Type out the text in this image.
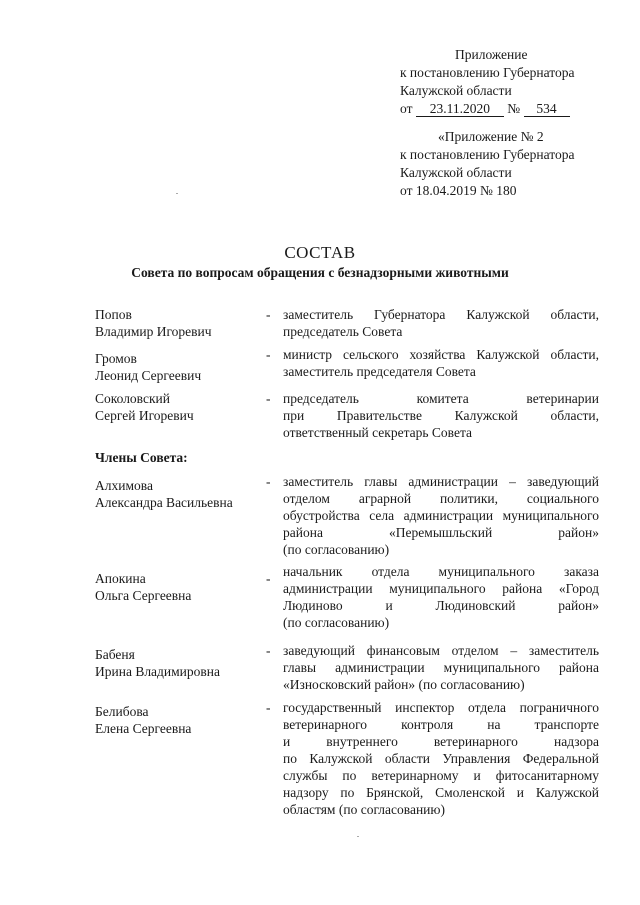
Приложение
к постановлению Губернатора
Калужской области
от 23.11.2020 № 534
«Приложение № 2
к постановлению Губернатора
Калужской области
от 18.04.2019 № 180
СОСТАВ
Совета по вопросам обращения с безнадзорными животными
Попов
Владимир Игоревич
- заместитель Губернатора Калужской области,
председатель Совета
Громов
Леонид Сергеевич
- министр сельского хозяйства Калужской области,
заместитель председателя Совета
Соколовский
Сергей Игоревич
- председатель комитета ветеринарии
при Правительстве Калужской области,
ответственный секретарь Совета
Члены Совета:
Алхимова
Александра Васильевна
- заместитель главы администрации – заведующий
отделом аграрной политики, социального
обустройства села администрации муниципального
района «Перемышльский район»
(по согласованию)
Апокина
Ольга Сергеевна
- начальник отдела муниципального заказа
администрации муниципального района «Город
Людиново и Людиновский район»
(по согласованию)
Бабеня
Ирина Владимировна
- заведующий финансовым отделом – заместитель
главы администрации муниципального района
«Износковский район» (по согласованию)
Белибова
Елена Сергеевна
- государственный инспектор отдела пограничного
ветеринарного контроля на транспорте
и внутреннего ветеринарного надзора
по Калужской области Управления Федеральной
службы по ветеринарному и фитосанитарному
надзору по Брянской, Смоленской и Калужской
областям (по согласованию)
